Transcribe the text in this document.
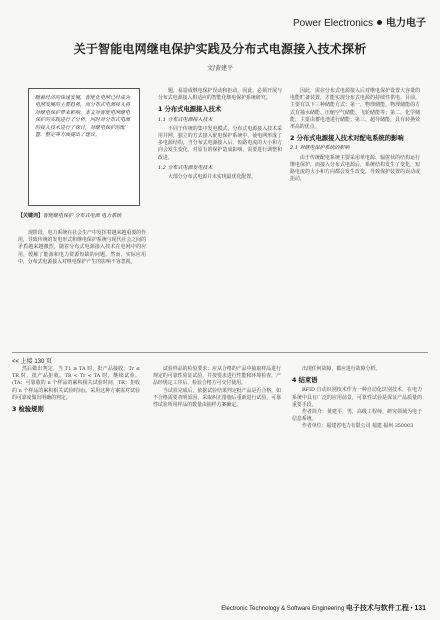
Power Electronics 电力电子
关于智能电网继电保护实践及分布式电源接入技术探析
文/黄建平
随着经济的快速发展，智能化电网已经成为电网发展的主要趋势，而分布式电源接入将对继电保护带来影响。本文对智能电网继电保护的实践进行了分析，同时对分布式电源的接入技术进行了探讨，对继电保护的配置、整定等方面提出了建议。
【关键词】智能继电保护 分布式电源 电力系统
现阶段，电力系统在社会生产中发挥着越来越重要的作用，导致传统的发电形式和继电保护系统与现代社会之间的矛盾越来越激烈，随着分布式电源接入技术在电网中的应用，缓解了能源和电力资源短缺的问题。然而，实际应用中，分布式电源接入对继电保护产生的影响不容忽视。
题，易造成继电保护误动和拒动，因此，必须开展与分布式电源接入相适应的智能化继电保护系统研究。
1 分布式电源接入技术
1.1 分布式电源接入技术
不同于传统的集中发电模式，分布式电源接入技术采用并网，独立的方式接入配电保护系统中，使电网形成了多电源结构，当分布式电源接入后，短路电流的大小和方向会发生变化，对原有的保护造成影响，需要进行调整和改进。
1.2 分布式电源发电技术
大部分分布式电源并未实现最优化配置。
因此，需在分布式电源接入后对继电保护设置大容量的电能贮备装置，才能实现分布式电源的持续性供电。目前，主要有以下三种储能方式：第一，物理储能，物理储能的方式有抽水储能、压缩空气储能、飞轮储能等；第二，化学储能，主要由蓄电池进行储能；第三，超导储能，具有转换效率高的优点。
2 分布式电源接入技术对配电系统的影响
2.1 对继电保护系统的影响
由于传统配电系统主要采用单电源、辐射状的结构运行继电保护，而接入分布式电源后，系统结构发生了变化，短路电流的大小和方向都会发生改变，导致保护装置的误动或拒动。
<< 上接 130 页
然后做出判定，当 T1 ≥ TA 时，批产品接收，Tr ≤ TR 时，批产品拒收。TR < Tr < TA 时，继续试验。(TA：可靠收的 n 个样品的累积相关试验时间，TR：拒收的 n 个样品的累积相关试验时间)。采用这种方案需对试验的可靠度做出明确的判定。
3 检验规则
试验样品的检验要求：应从合格的产品中抽取样品进行规定的可靠性验证试验，并按要求进行性能和环境检查，产品经规定工序后，检验合格方可交付使用。
当试验完成后，依据试验结果判定批产品是否合格，如不合格需要查明原因，采取纠正措施后重新进行试验。可靠性试验所用样品的数量由抽样方案确定。
出现任何故障，都应进行故障分析。
4 结束语
RFID 自动识别技术作为一种自动化识别技术，在电力系统中具有广泛的应用前景，可靠性试验是保证产品质量的重要手段。
作者简介：黄建平，男，高级工程师，研究领域为电子信息系统。
作者单位：福建省电力有限公司 福建 福州 350003
Electronic Technology & Software Engineering 电子技术与软件工程 • 131
